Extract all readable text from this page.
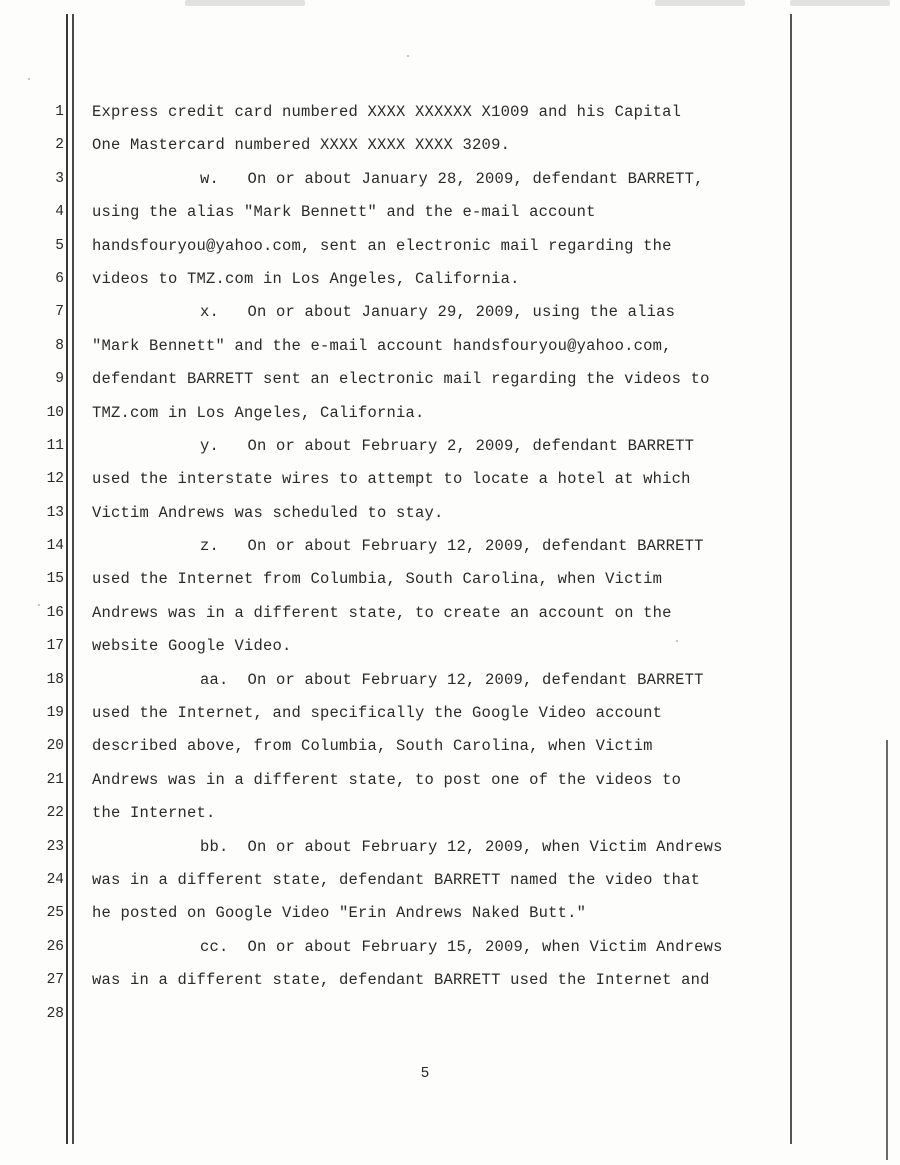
1 Express credit card numbered XXXX XXXXXX X1009 and his Capital
2 One Mastercard numbered XXXX XXXX XXXX 3209.
3	w.   On or about January 28, 2009, defendant BARRETT,
4 using the alias "Mark Bennett" and the e-mail account
5 handsfouryou@yahoo.com, sent an electronic mail regarding the
6 videos to TMZ.com in Los Angeles, California.
7	x.   On or about January 29, 2009, using the alias
8 "Mark Bennett" and the e-mail account handsfouryou@yahoo.com,
9 defendant BARRETT sent an electronic mail regarding the videos to
10 TMZ.com in Los Angeles, California.
11	y.   On or about February 2, 2009, defendant BARRETT
12 used the interstate wires to attempt to locate a hotel at which
13 Victim Andrews was scheduled to stay.
14	z.   On or about February 12, 2009, defendant BARRETT
15 used the Internet from Columbia, South Carolina, when Victim
16 Andrews was in a different state, to create an account on the
17 website Google Video.
18	aa.  On or about February 12, 2009, defendant BARRETT
19 used the Internet, and specifically the Google Video account
20 described above, from Columbia, South Carolina, when Victim
21 Andrews was in a different state, to post one of the videos to
22 the Internet.
23	bb.  On or about February 12, 2009, when Victim Andrews
24 was in a different state, defendant BARRETT named the video that
25 he posted on Google Video "Erin Andrews Naked Butt."
26	cc.  On or about February 15, 2009, when Victim Andrews
27 was in a different state, defendant BARRETT used the Internet and
28
5
